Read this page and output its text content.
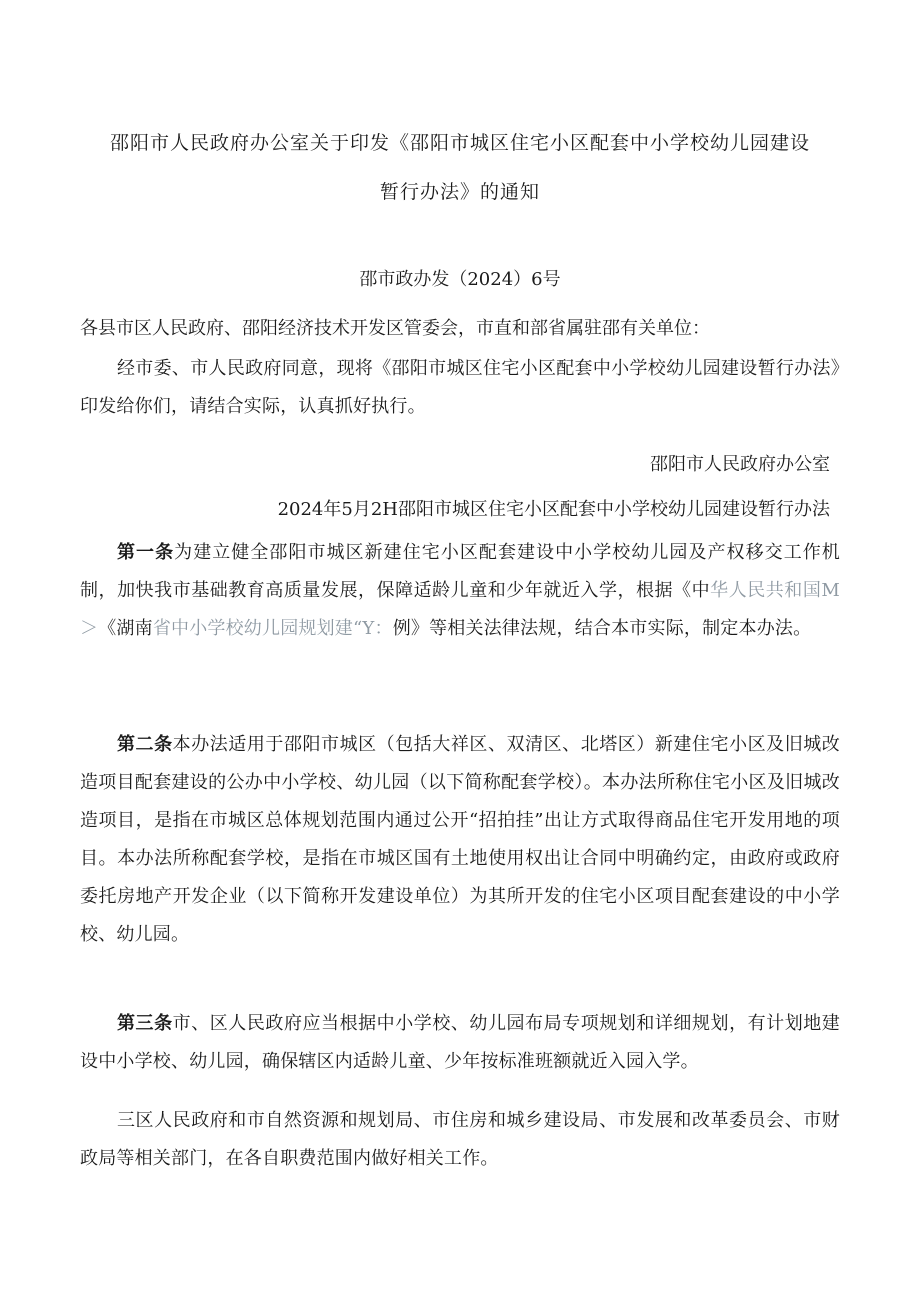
邵阳市人民政府办公室关于印发《邵阳市城区住宅小区配套中小学校幼儿园建设
暂行办法》的通知
邵市政办发（2024）6号
各县市区人民政府、邵阳经济技术开发区管委会，市直和部省属驻邵有关单位：
经市委、市人民政府同意，现将《邵阳市城区住宅小区配套中小学校幼儿园建设暂行办法》印发给你们，请结合实际，认真抓好执行。
邵阳市人民政府办公室
2024年5月2H邵阳市城区住宅小区配套中小学校幼儿园建设暂行办法
第一条为建立健全邵阳市城区新建住宅小区配套建设中小学校幼儿园及产权移交工作机制，加快我市基础教育高质量发展，保障适龄儿童和少年就近入学，根据《中华人民共和国M＞《湖南省中小学校幼儿园规划建“Y：例》等相关法律法规，结合本市实际，制定本办法。
第二条本办法适用于邵阳市城区（包括大祥区、双清区、北塔区）新建住宅小区及旧城改造项目配套建设的公办中小学校、幼儿园（以下简称配套学校）。本办法所称住宅小区及旧城改造项目，是指在市城区总体规划范围内通过公开“招拍挂”出让方式取得商品住宅开发用地的项目。本办法所称配套学校，是指在市城区国有土地使用权出让合同中明确约定，由政府或政府委托房地产开发企业（以下简称开发建设单位）为其所开发的住宅小区项目配套建设的中小学校、幼儿园。
第三条市、区人民政府应当根据中小学校、幼儿园布局专项规划和详细规划，有计划地建设中小学校、幼儿园，确保辖区内适龄儿童、少年按标准班额就近入园入学。
三区人民政府和市自然资源和规划局、市住房和城乡建设局、市发展和改革委员会、市财政局等相关部门，在各自职费范围内做好相关工作。
